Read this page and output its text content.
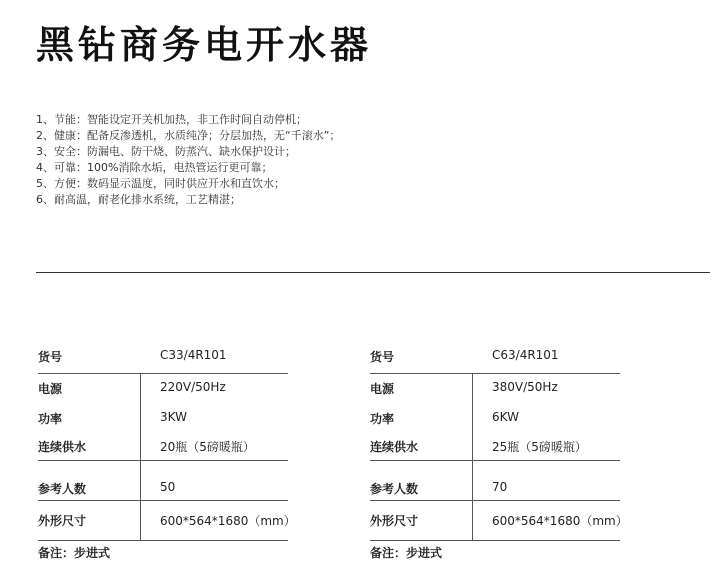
黑钻商务电开水器
1、节能：智能设定开关机加热，非工作时间自动停机；
2、健康：配备反渗透机，水质纯净；分层加热，无“千滚水”；
3、安全：防漏电、防干烧、防蒸汽、缺水保护设计；
4、可靠：100%消除水垢，电热管运行更可靠；
5、方便：数码显示温度，同时供应开水和直饮水；
6、耐高温，耐老化排水系统，工艺精湛；
货号	C33/4R101
电源	220V/50Hz
功率	3KW
连续供水	20瓶（5磅暖瓶）
参考人数	50
外形尺寸	600*564*1680（mm）
备注：步进式
货号	C63/4R101
电源	380V/50Hz
功率	6KW
连续供水	25瓶（5磅暖瓶）
参考人数	70
外形尺寸	600*564*1680（mm）
备注：步进式
